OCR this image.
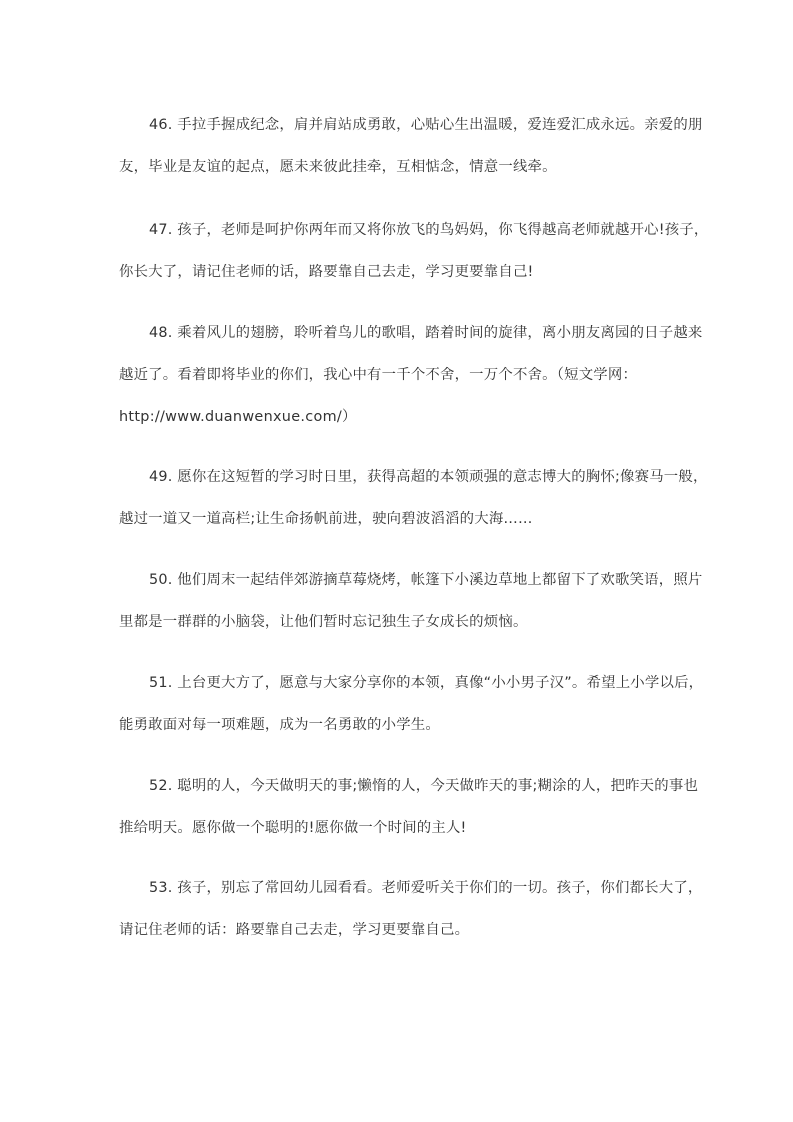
46. 手拉手握成纪念，肩并肩站成勇敢，心贴心生出温暖，爱连爱汇成永远。亲爱的朋
友，毕业是友谊的起点，愿未来彼此挂牵，互相惦念，情意一线牵。
47. 孩子，老师是呵护你两年而又将你放飞的鸟妈妈，你飞得越高老师就越开心!孩子，
你长大了，请记住老师的话，路要靠自己去走，学习更要靠自己!
48. 乘着风儿的翅膀，聆听着鸟儿的歌唱，踏着时间的旋律，离小朋友离园的日子越来
越近了。看着即将毕业的你们，我心中有一千个不舍，一万个不舍。（短文学网：
http://www.duanwenxue.com/）
49. 愿你在这短暂的学习时日里，获得高超的本领顽强的意志博大的胸怀;像赛马一般，
越过一道又一道高栏;让生命扬帆前进，驶向碧波滔滔的大海……
50. 他们周末一起结伴郊游摘草莓烧烤，帐篷下小溪边草地上都留下了欢歌笑语，照片
里都是一群群的小脑袋，让他们暂时忘记独生子女成长的烦恼。
51. 上台更大方了，愿意与大家分享你的本领，真像“小小男子汉”。希望上小学以后，
能勇敢面对每一项难题，成为一名勇敢的小学生。
52. 聪明的人，今天做明天的事;懒惰的人，今天做昨天的事;糊涂的人，把昨天的事也
推给明天。愿你做一个聪明的!愿你做一个时间的主人!
53. 孩子，别忘了常回幼儿园看看。老师爱听关于你们的一切。孩子，你们都长大了，
请记住老师的话：路要靠自己去走，学习更要靠自己。
